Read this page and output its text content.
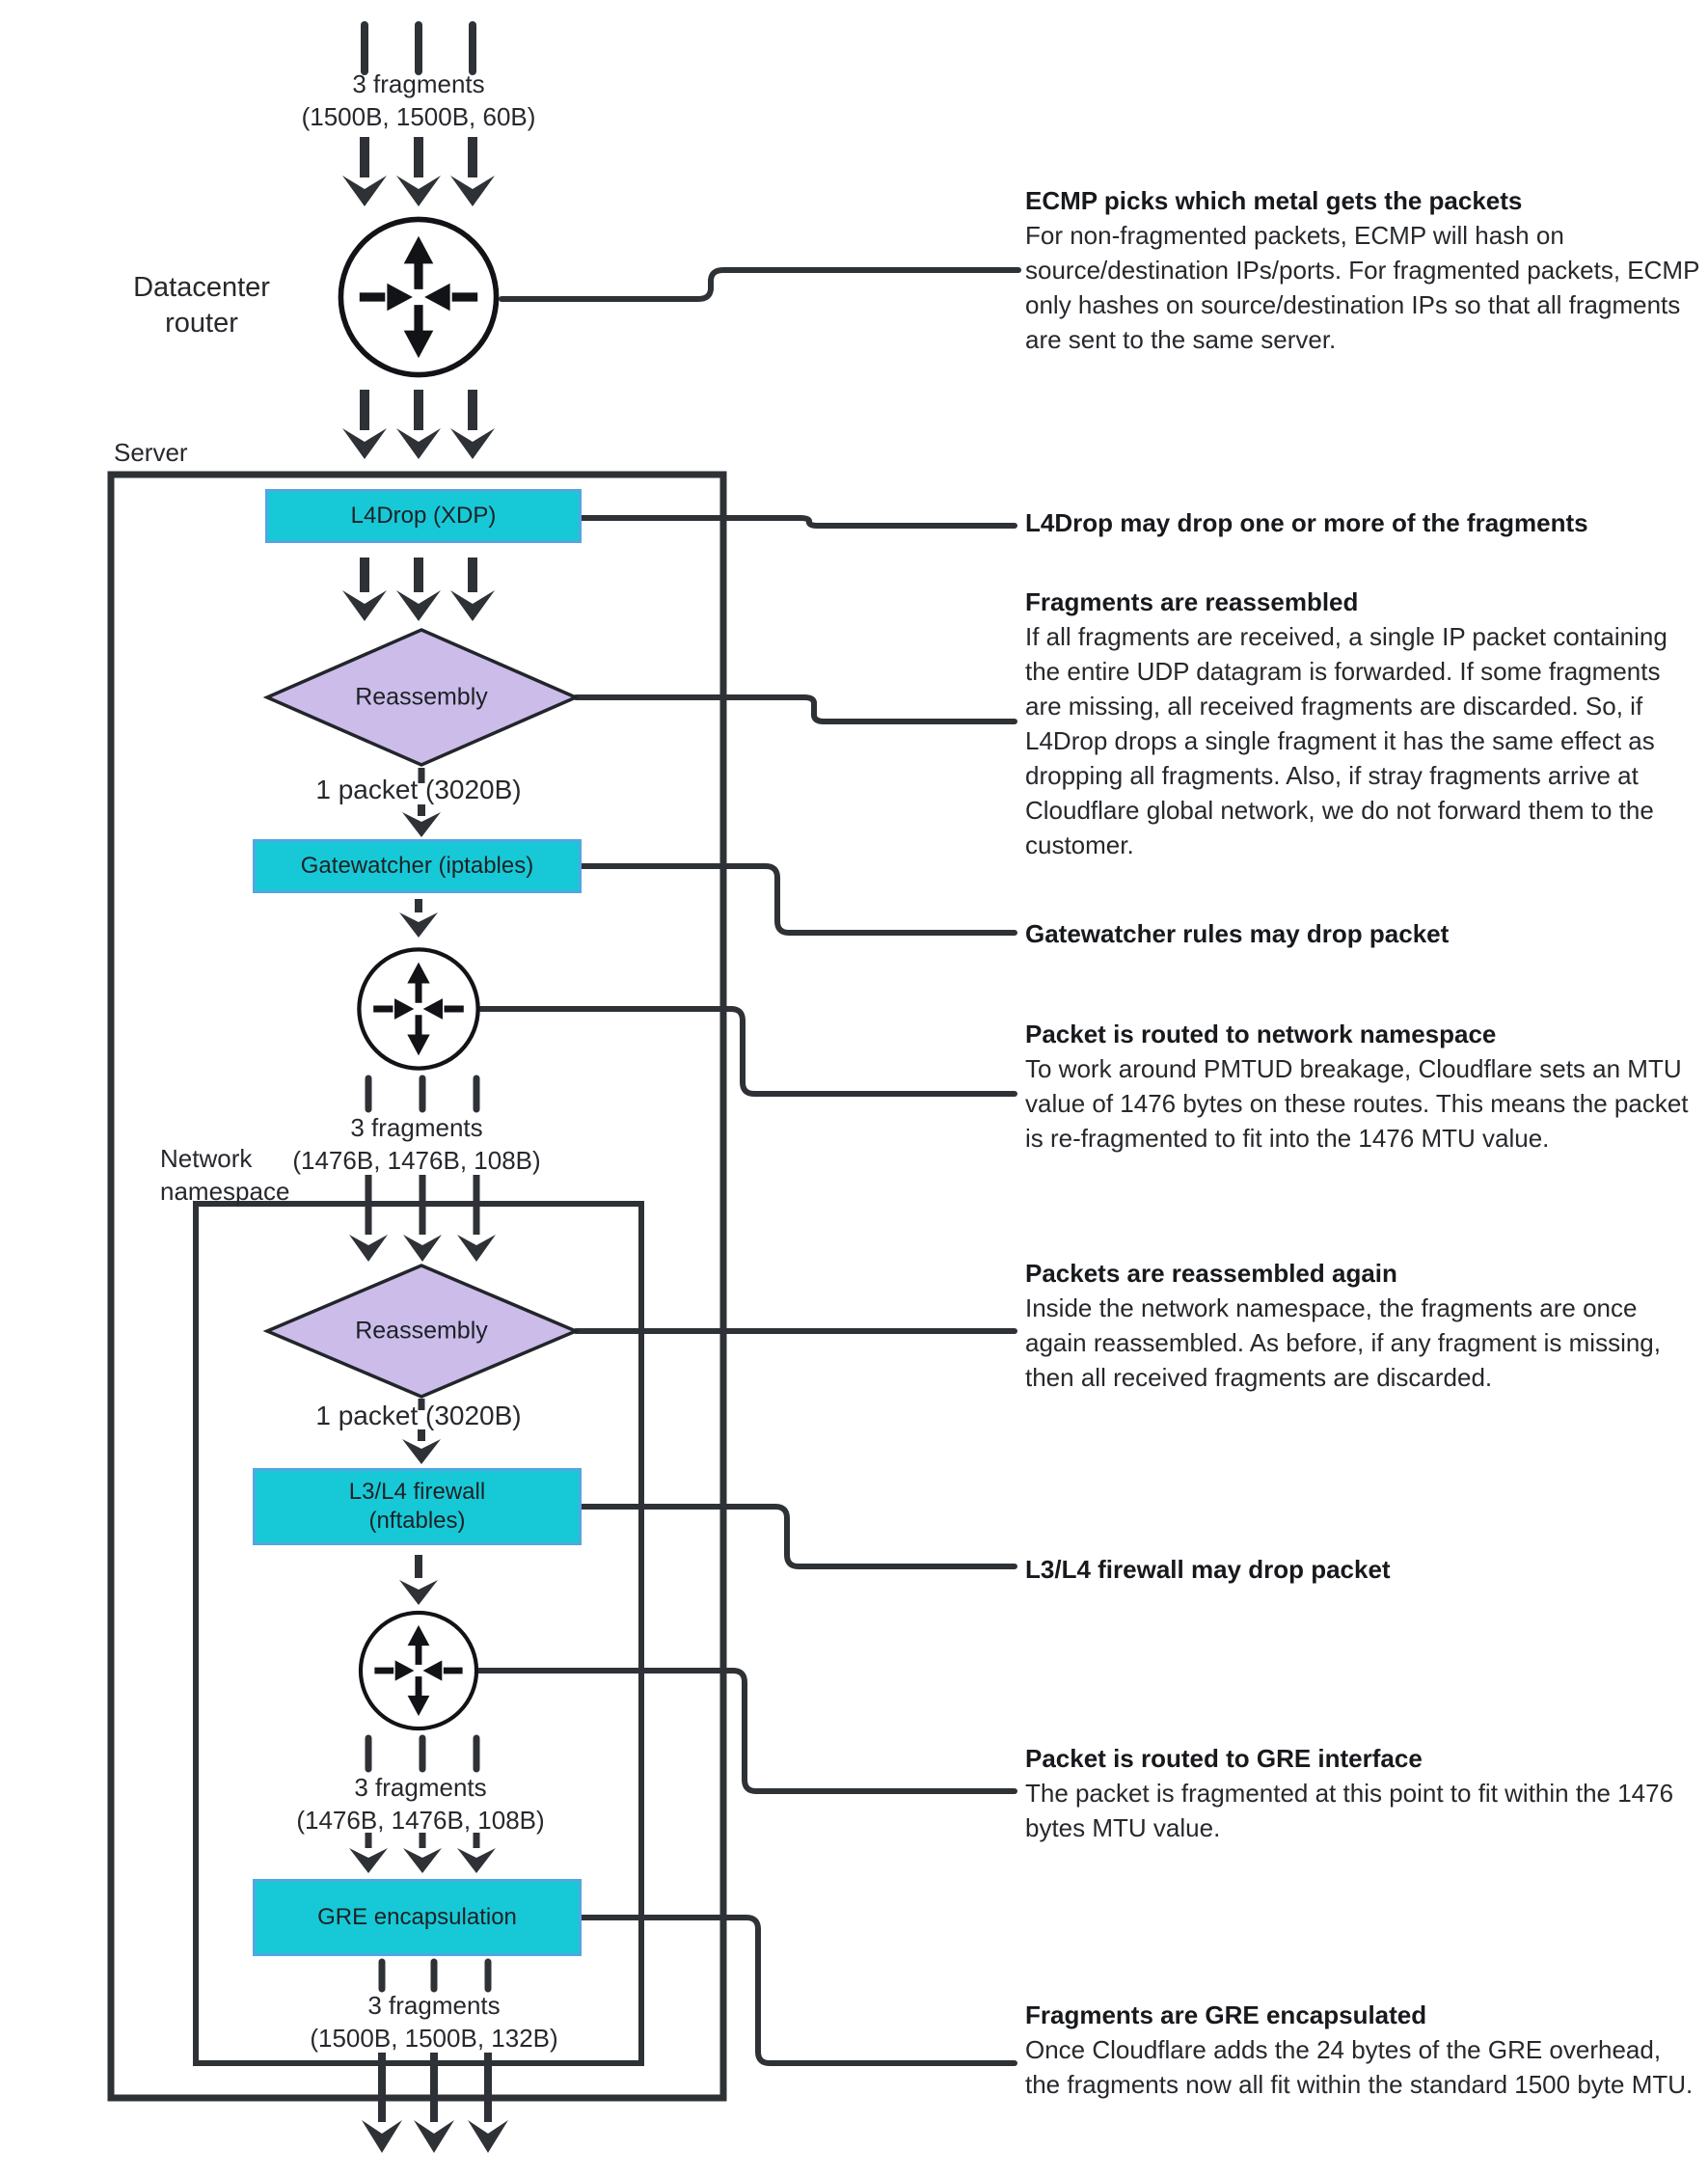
3 fragments
(1500B, 1500B, 60B)
Datacenter router
Server
L4Drop (XDP)
Reassembly
1 packet (3020B)
Gatewatcher (iptables)
3 fragments
(1476B, 1476B, 108B)
Network namespace
Reassembly
1 packet (3020B)
L3/L4 firewall
(nftables)
3 fragments
(1476B, 1476B, 108B)
GRE encapsulation
3 fragments
(1500B, 1500B, 132B)
ECMP picks which metal gets the packets
For non-fragmented packets, ECMP will hash on source/destination IPs/ports. For fragmented packets, ECMP only hashes on source/destination IPs so that all fragments are sent to the same server.
L4Drop may drop one or more of the fragments
Fragments are reassembled
If all fragments are received, a single IP packet containing the entire UDP datagram is forwarded. If some fragments are missing, all received fragments are discarded. So, if L4Drop drops a single fragment it has the same effect as dropping all fragments. Also, if stray fragments arrive at Cloudflare global network, we do not forward them to the customer.
Gatewatcher rules may drop packet
Packet is routed to network namespace
To work around PMTUD breakage, Cloudflare sets an MTU value of 1476 bytes on these routes. This means the packet is re-fragmented to fit into the 1476 MTU value.
Packets are reassembled again
Inside the network namespace, the fragments are once again reassembled. As before, if any fragment is missing, then all received fragments are discarded.
L3/L4 firewall may drop packet
Packet is routed to GRE interface
The packet is fragmented at this point to fit within the 1476 bytes MTU value.
Fragments are GRE encapsulated
Once Cloudflare adds the 24 bytes of the GRE overhead, the fragments now all fit within the standard 1500 byte MTU.
